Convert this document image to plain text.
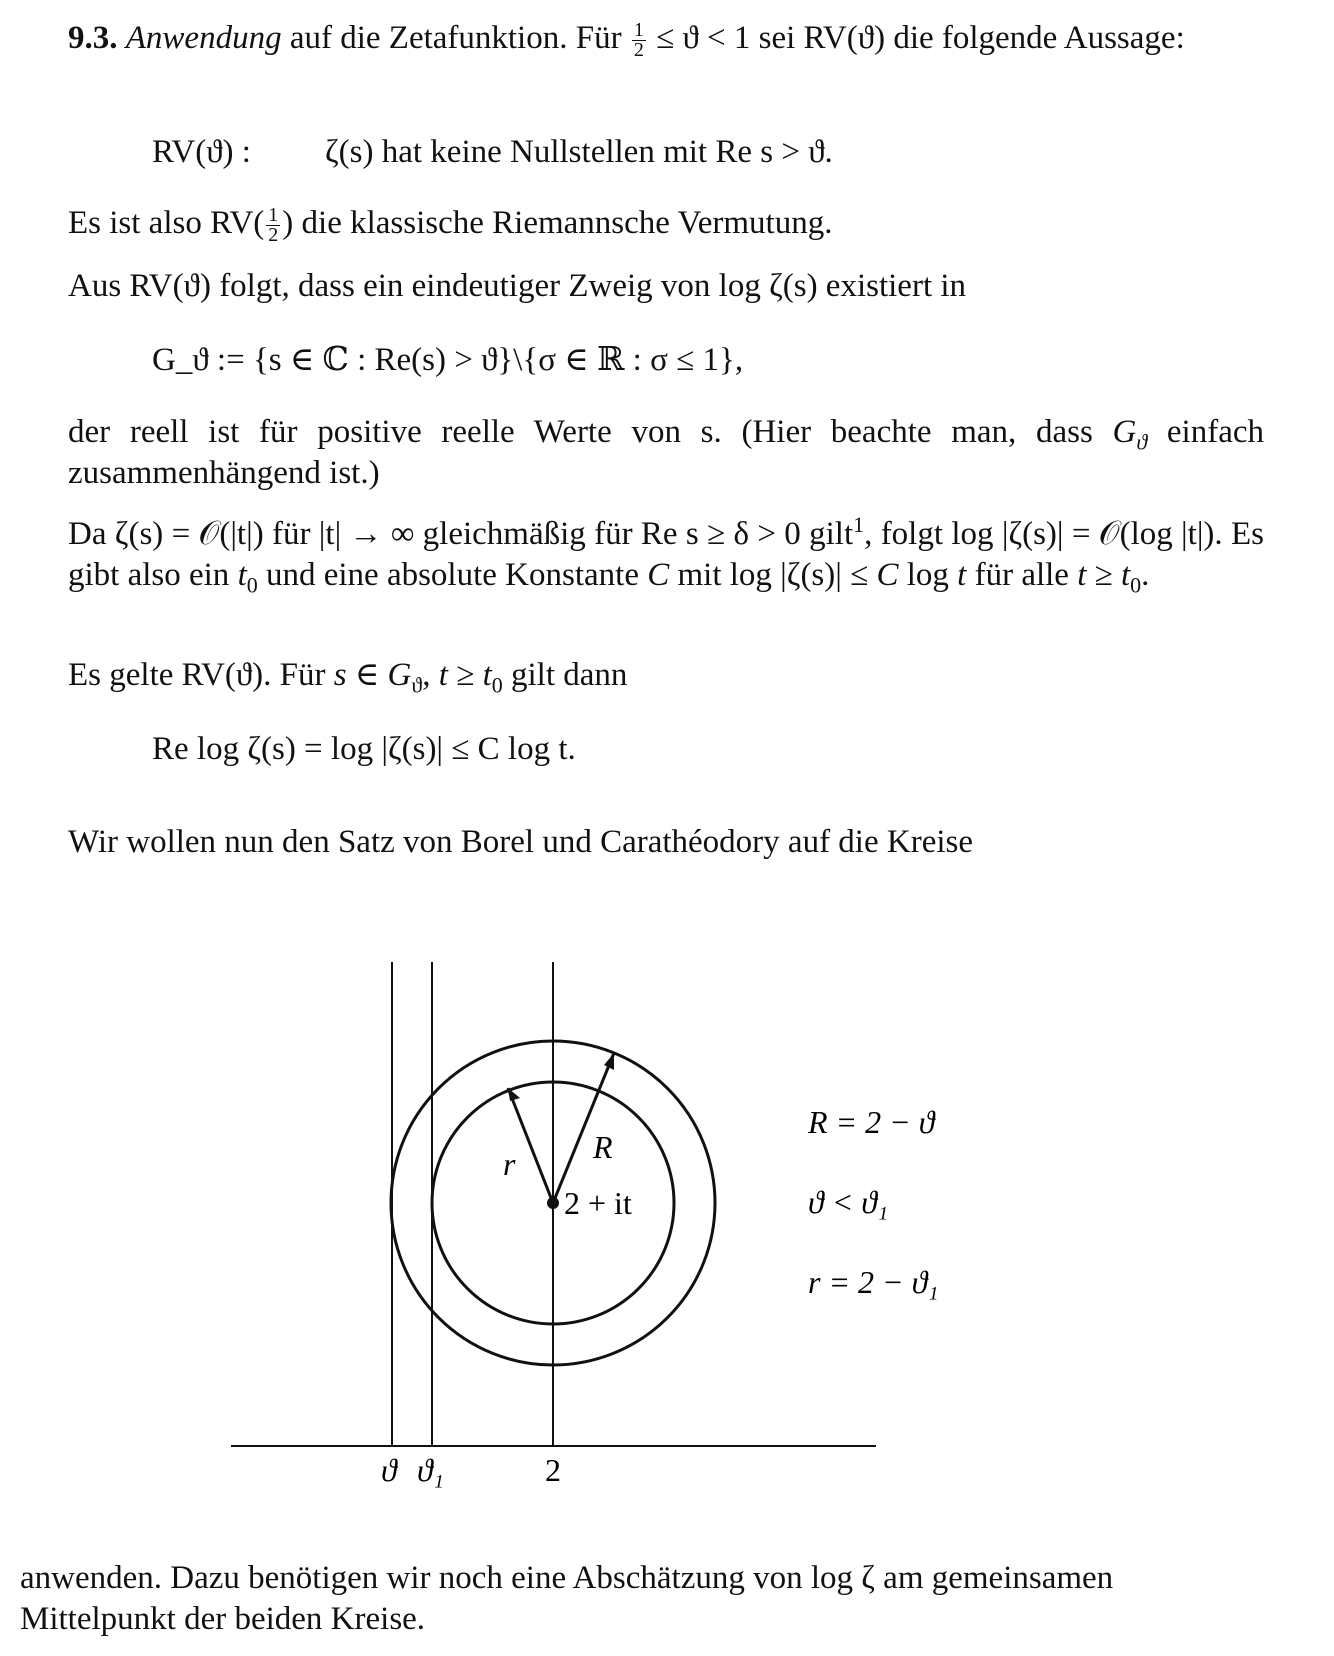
9.3. Anwendung auf die Zetafunktion. Für $\frac{1}{2} \le ϑ < 1$ sei RV(ϑ) die folgende Aussage:
RV(ϑ) : ζ(s) hat keine Nullstellen mit Re s > ϑ.
Es ist also $RV( \frac{1}{2}$ ) die klassische Riemannsche Vermutung.
Aus RV(ϑ) folgt, dass ein eindeutiger Zweig von log ζ(s) existiert in
G_ϑ := {s ∈ ℂ : Re(s) > ϑ}\{σ ∈ ℝ : σ ≤ 1},
der reell ist für positive reelle Werte von s. (Hier beachte man, dass $G_ϑ$ einfach zusammenhängend ist.)
Da ζ(s) = 𝒪(|t|) für |t| → ∞ gleichmäßig für Re s ≥ δ > 0 gilt$^1$, folgt log |ζ(s)| = 𝒪(log |t|). Es gibt also ein $t_0$ und eine absolute Konstante C mit log |ζ(s)| ≤ C log t für alle $t \ge t_0$.
Es gelte RV(ϑ). Für s ∈ $G_ϑ$, $t \ge t_0$ gilt dann
Re log ζ(s) = log |ζ(s)| ≤ C log t.
Wir wollen nun den Satz von Borel und Carathéodory auf die Kreise
r R
2 + it
R = 2 − ϑ
ϑ < ϑ₁
r = 2 − ϑ₁
ϑ ϑ₁	2
anwenden. Dazu benötigen wir noch eine Abschätzung von log ζ am gemeinsamen Mittelpunkt der beiden Kreise.
